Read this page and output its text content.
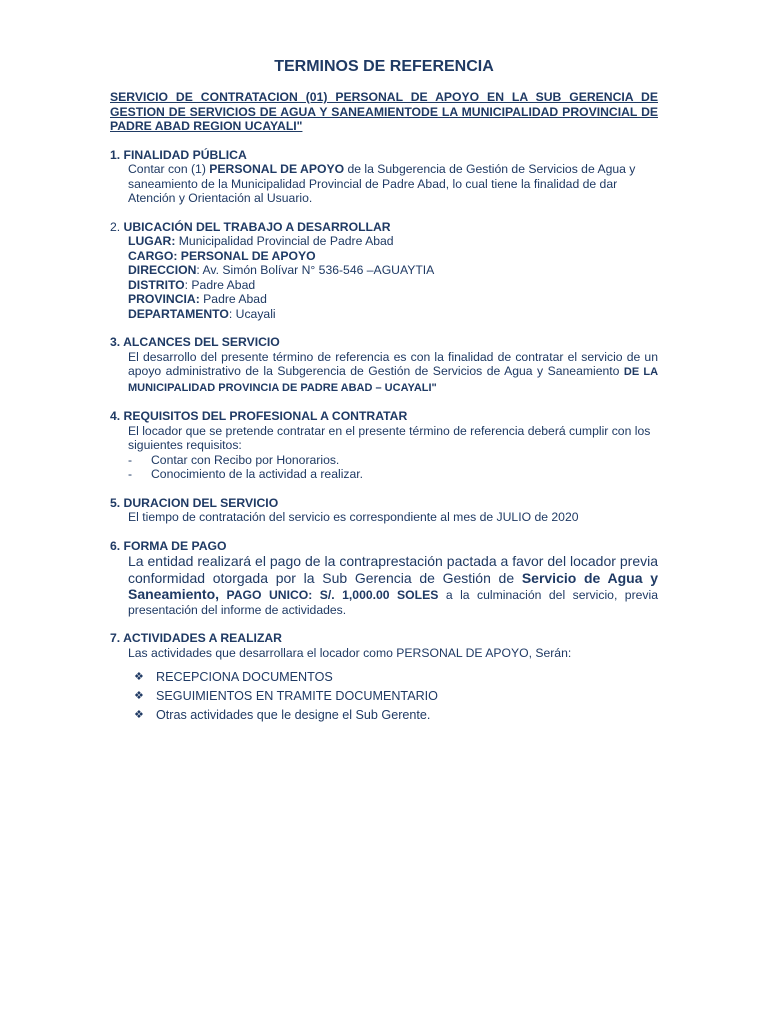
TERMINOS DE REFERENCIA

SERVICIO DE CONTRATACION (01) PERSONAL DE APOYO EN LA SUB GERENCIA DE GESTION DE SERVICIOS DE AGUA Y SANEAMIENTODE LA MUNICIPALIDAD PROVINCIAL DE PADRE ABAD REGION UCAYALI"

1. FINALIDAD PÚBLICA
Contar con (1) PERSONAL DE APOYO de la Subgerencia de Gestión de Servicios de Agua y saneamiento de la Municipalidad Provincial de Padre Abad, lo cual tiene la finalidad de dar Atención y Orientación al Usuario.
2. UBICACIÓN DEL TRABAJO A DESARROLLAR
LUGAR: Municipalidad Provincial de Padre Abad
CARGO: PERSONAL DE APOYO
DIRECCION: Av. Simón Bolívar N° 536-546 –AGUAYTIA
DISTRITO: Padre Abad
PROVINCIA: Padre Abad
DEPARTAMENTO: Ucayali
3. ALCANCES DEL SERVICIO
El desarrollo del presente término de referencia es con la finalidad de contratar el servicio de un apoyo administrativo de la Subgerencia de Gestión de Servicios de Agua y Saneamiento DE LA MUNICIPALIDAD PROVINCIA DE PADRE ABAD – UCAYALI"
4. REQUISITOS DEL PROFESIONAL A CONTRATAR
El locador que se pretende contratar en el presente término de referencia deberá cumplir con los siguientes requisitos:
-	Contar con Recibo por Honorarios.
-	Conocimiento de la actividad a realizar.
5. DURACION DEL SERVICIO
El tiempo de contratación del servicio es correspondiente al mes de JULIO de 2020
6. FORMA DE PAGO
La entidad realizará el pago de la contraprestación pactada a favor del locador previa conformidad otorgada por la Sub Gerencia de Gestión de Servicio de Agua y Saneamiento, PAGO UNICO: S/. 1,000.00 SOLES a la culminación del servicio, previa presentación del informe de actividades.
7. ACTIVIDADES A REALIZAR
Las actividades que desarrollara el locador como PERSONAL DE APOYO, Serán:
❖ RECEPCIONA DOCUMENTOS
❖ SEGUIMIENTOS EN TRAMITE DOCUMENTARIO
❖ Otras actividades que le designe el Sub Gerente.
